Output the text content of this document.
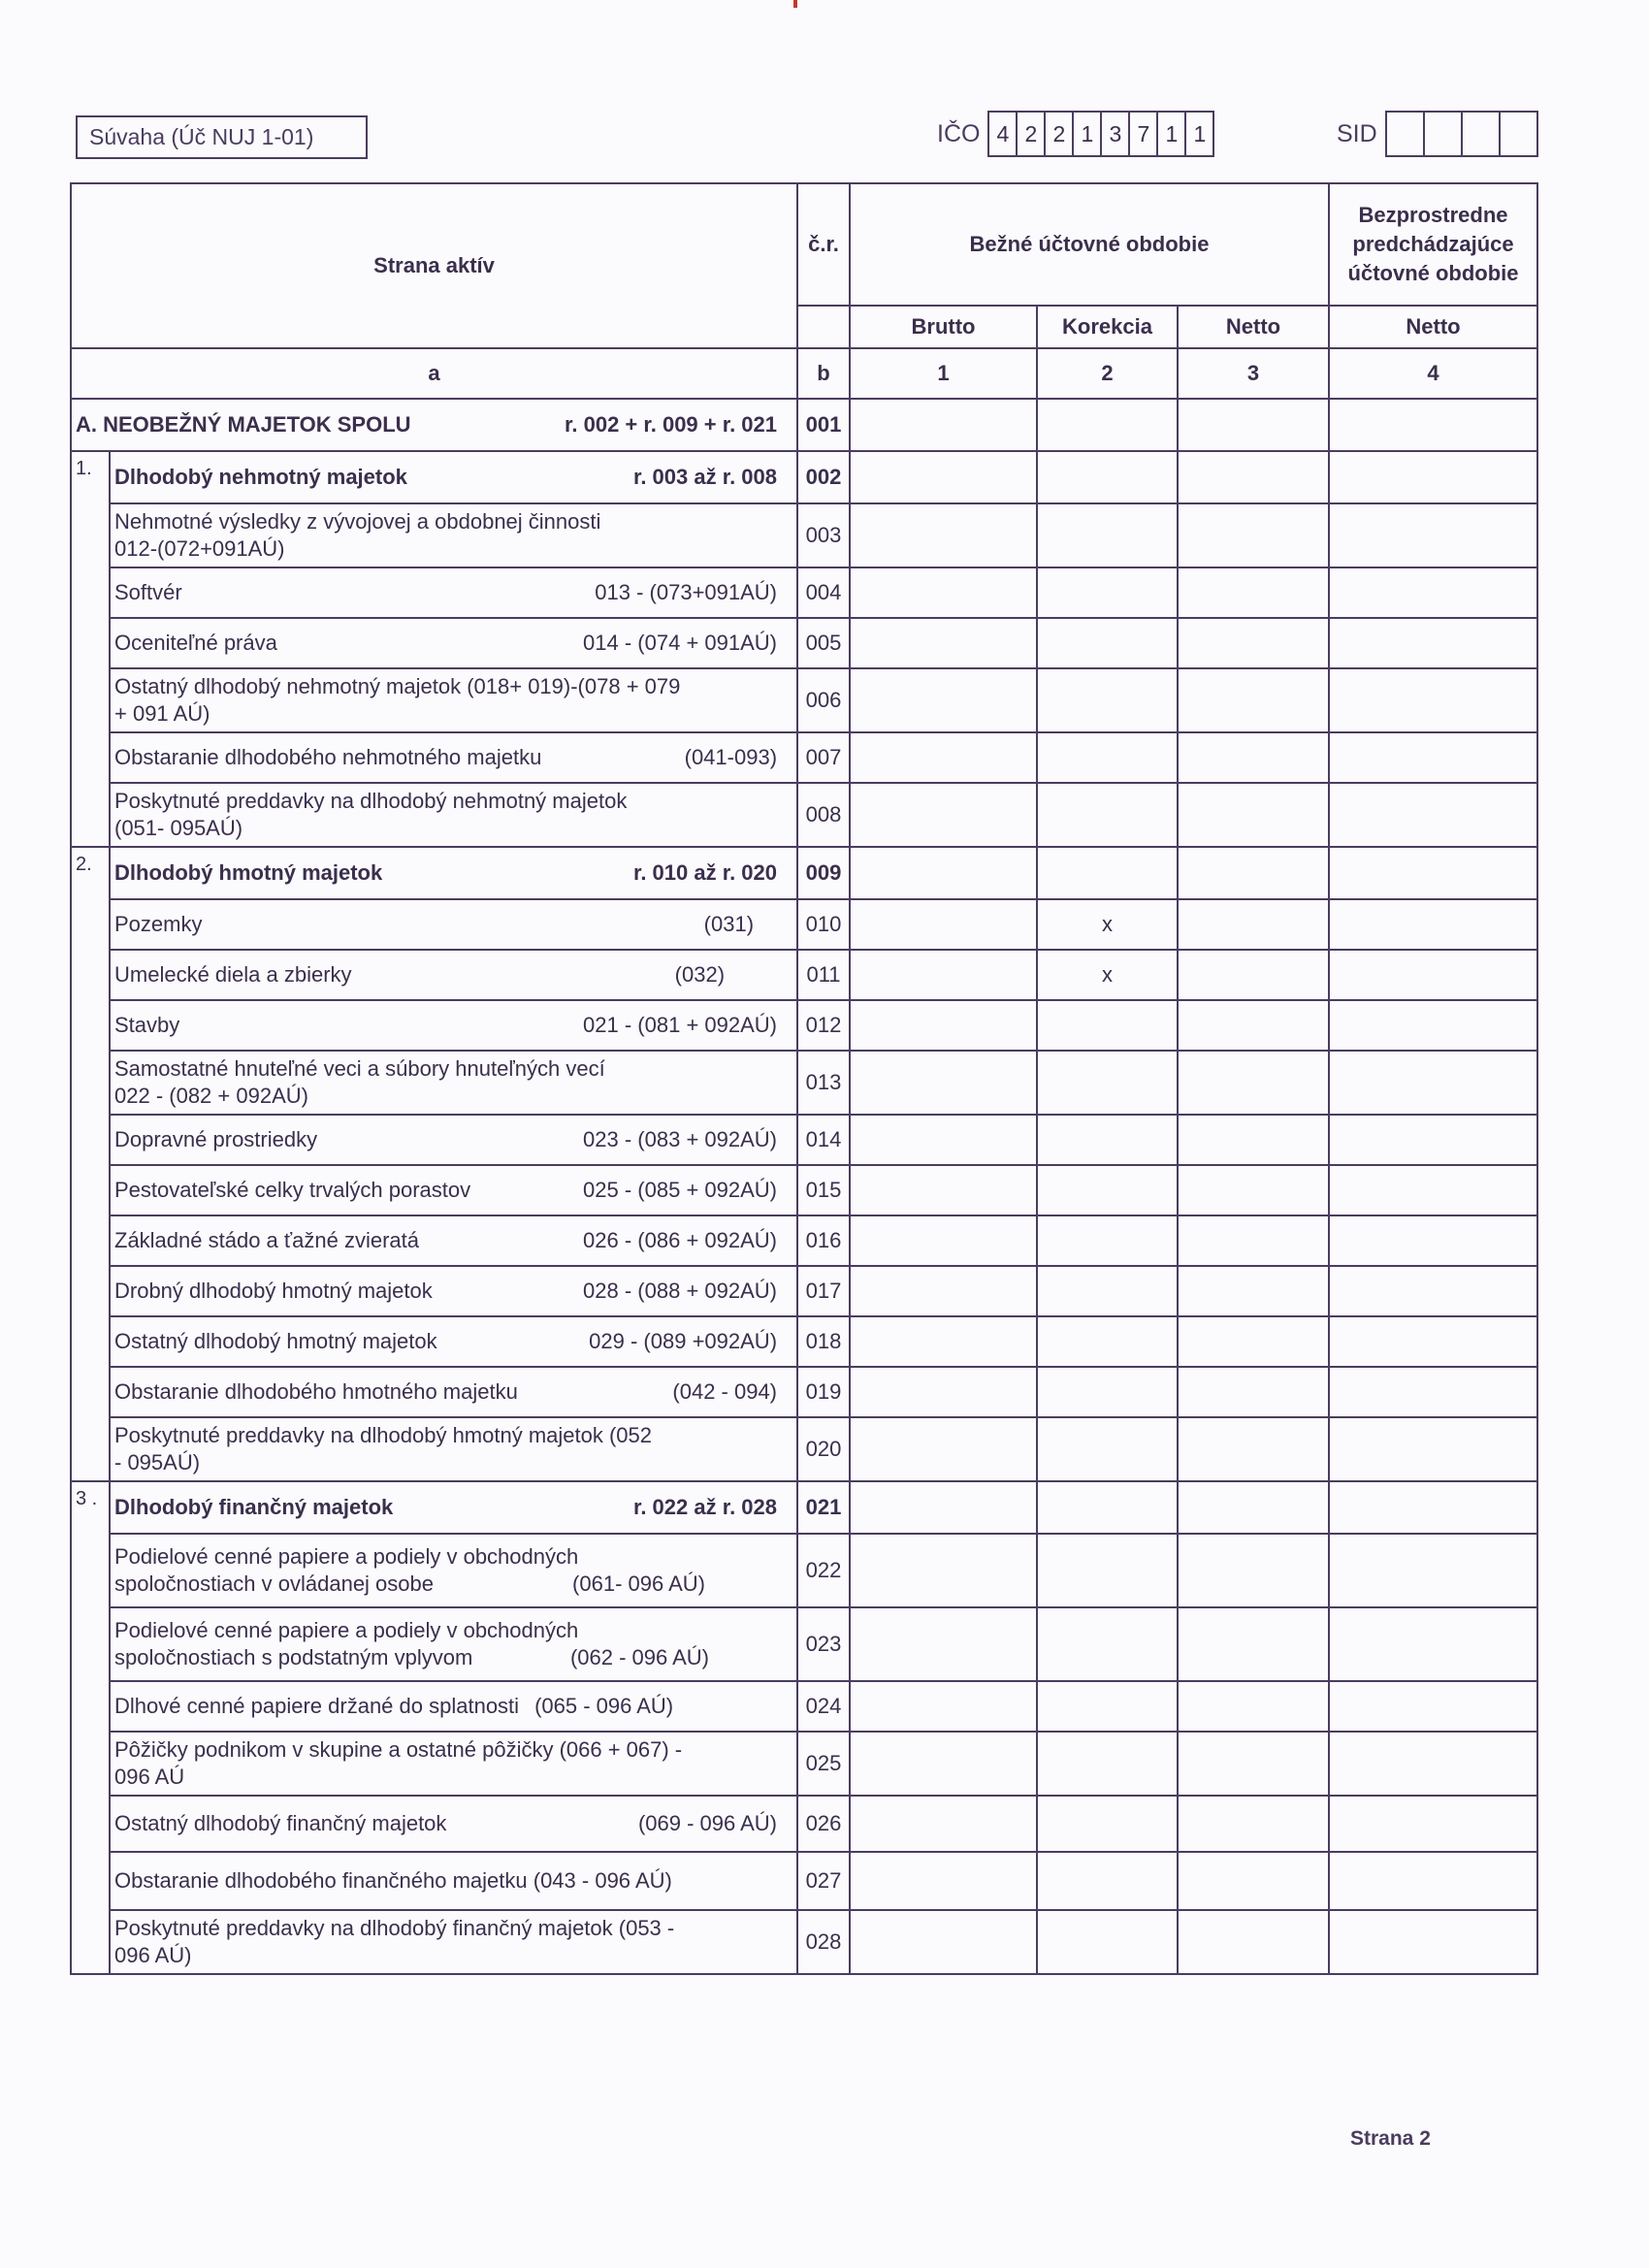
Súvaha (Úč NUJ 1-01)	IČO 4 2 2 1 3 7 1 1	SID
Strana aktív		č.r.	Bežné účtovné obdobie			Bezprostredne
predchádzajúce
účtovné obdobie

			Brutto	Korekcia	Netto	Netto
a		b	1	2	3	4

A. NEOBEŽNÝ MAJETOK SPOLU r. 002 + r. 009 + r. 021		001				
1.	Dlhodobý nehmotný majetok r. 003 až r. 008	002				

	Nehmotné výsledky z vývojovej a obdobnej činnosti
012-(072+091AÚ)	003				

	Softvér 013 - (073+091AÚ)	004				

	Oceniteľné práva 014 - (074 + 091AÚ)	005				

	Ostatný dlhodobý nehmotný majetok (018+ 019)-(078 + 079
+ 091 AÚ)	006				

	Obstaranie dlhodobého nehmotného majetku (041-093)	007				

	Poskytnuté preddavky na dlhodobý nehmotný majetok
(051- 095AÚ)	008				
2.	Dlhodobý hmotný majetok r. 010 až r. 020	009				

	Pozemky (031)	010		x		

	Umelecké diela a zbierky (032)	011		x		

	Stavby 021 - (081 + 092AÚ)	012				

	Samostatné hnuteľné veci a súbory hnuteľných vecí
022 - (082 + 092AÚ)	013				

	Dopravné prostriedky 023 - (083 + 092AÚ)	014				

	Pestovateľské celky trvalých porastov 025 - (085 + 092AÚ)	015				

	Základné stádo a ťažné zvieratá 026 - (086 + 092AÚ)	016				

	Drobný dlhodobý hmotný majetok 028 - (088 + 092AÚ)	017				

	Ostatný dlhodobý hmotný majetok 029 - (089 +092AÚ)	018				

	Obstaranie dlhodobého hmotného majetku (042 - 094)	019				

	Poskytnuté preddavky na dlhodobý hmotný majetok (052
- 095AÚ)	020				
3 .	Dlhodobý finančný majetok r. 022 až r. 028	021				

	Podielové cenné papiere a podiely v obchodných
spoločnostiach v ovládanej osobe (061- 096 AÚ)	022				

	Podielové cenné papiere a podiely v obchodných
spoločnostiach s podstatným vplyvom (062 - 096 AÚ)	023				

	Dlhové cenné papiere držané do splatnosti (065 - 096 AÚ)	024				

	Pôžičky podnikom v skupine a ostatné pôžičky (066 + 067) -
096 AÚ	025				

	Ostatný dlhodobý finančný majetok (069 - 096 AÚ)	026				
	Obstaranie dlhodobého finančného majetku (043 - 096 AÚ)	027				

	Poskytnuté preddavky na dlhodobý finančný majetok (053 -
096 AÚ)	028				
Strana 2
